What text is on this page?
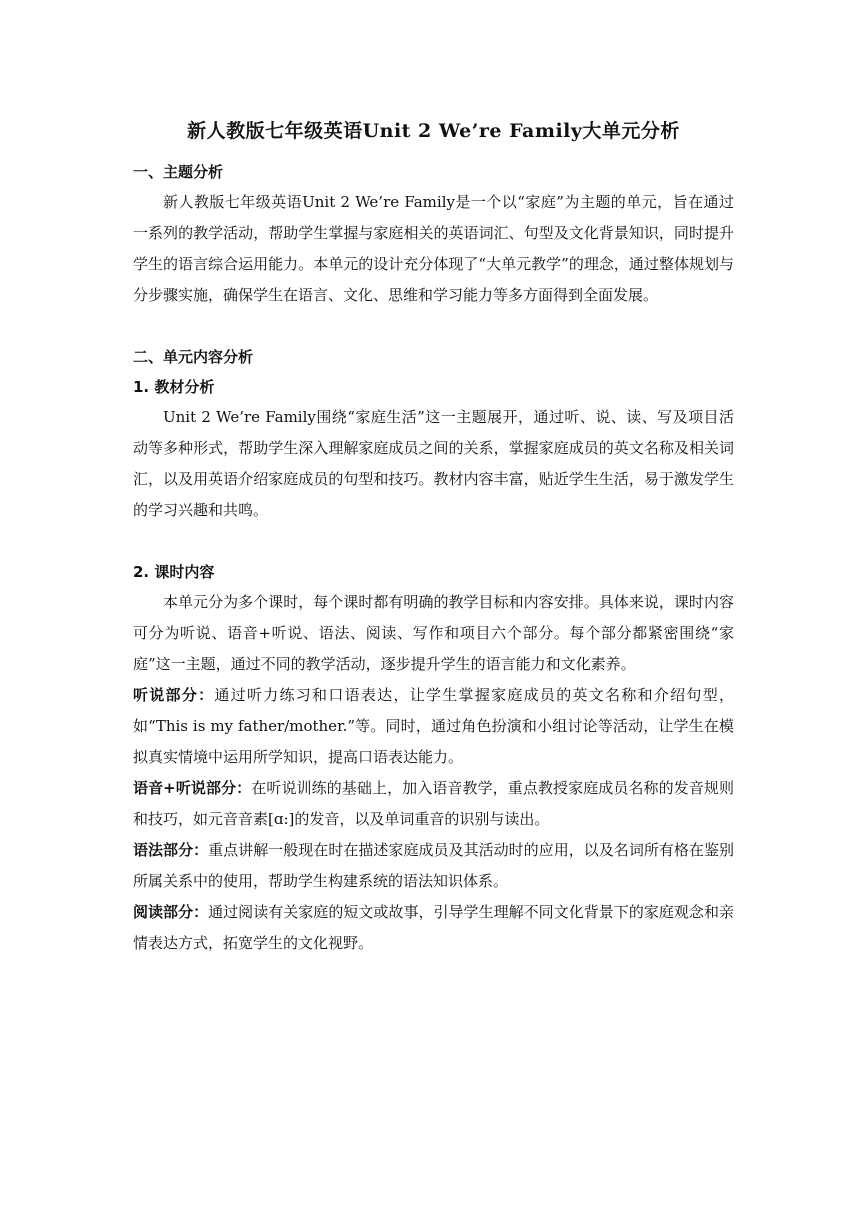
新人教版七年级英语Unit 2 We’re Family大单元分析

一、主题分析

新人教版七年级英语Unit 2 We’re Family是一个以“家庭”为主题的单元，旨在通过一系列的教学活动，帮助学生掌握与家庭相关的英语词汇、句型及文化背景知识，同时提升学生的语言综合运用能力。本单元的设计充分体现了“大单元教学”的理念，通过整体规划与分步骤实施，确保学生在语言、文化、思维和学习能力等多方面得到全面发展。

二、单元内容分析

1. 教材分析

Unit 2 We’re Family围绕“家庭生活”这一主题展开，通过听、说、读、写及项目活动等多种形式，帮助学生深入理解家庭成员之间的关系，掌握家庭成员的英文名称及相关词汇，以及用英语介绍家庭成员的句型和技巧。教材内容丰富，贴近学生生活，易于激发学生的学习兴趣和共鸣。

2. 课时内容

本单元分为多个课时，每个课时都有明确的教学目标和内容安排。具体来说，课时内容可分为听说、语音+听说、语法、阅读、写作和项目六个部分。每个部分都紧密围绕“家庭”这一主题，通过不同的教学活动，逐步提升学生的语言能力和文化素养。

听说部分：通过听力练习和口语表达，让学生掌握家庭成员的英文名称和介绍句型，如“This is my father/mother.”等。同时，通过角色扮演和小组讨论等活动，让学生在模拟真实情境中运用所学知识，提高口语表达能力。

语音+听说部分：在听说训练的基础上，加入语音教学，重点教授家庭成员名称的发音规则和技巧，如元音音素[ɑ:]的发音，以及单词重音的识别与读出。

语法部分：重点讲解一般现在时在描述家庭成员及其活动时的应用，以及名词所有格在鉴别所属关系中的使用，帮助学生构建系统的语法知识体系。

阅读部分：通过阅读有关家庭的短文或故事，引导学生理解不同文化背景下的家庭观念和亲情表达方式，拓宽学生的文化视野。
